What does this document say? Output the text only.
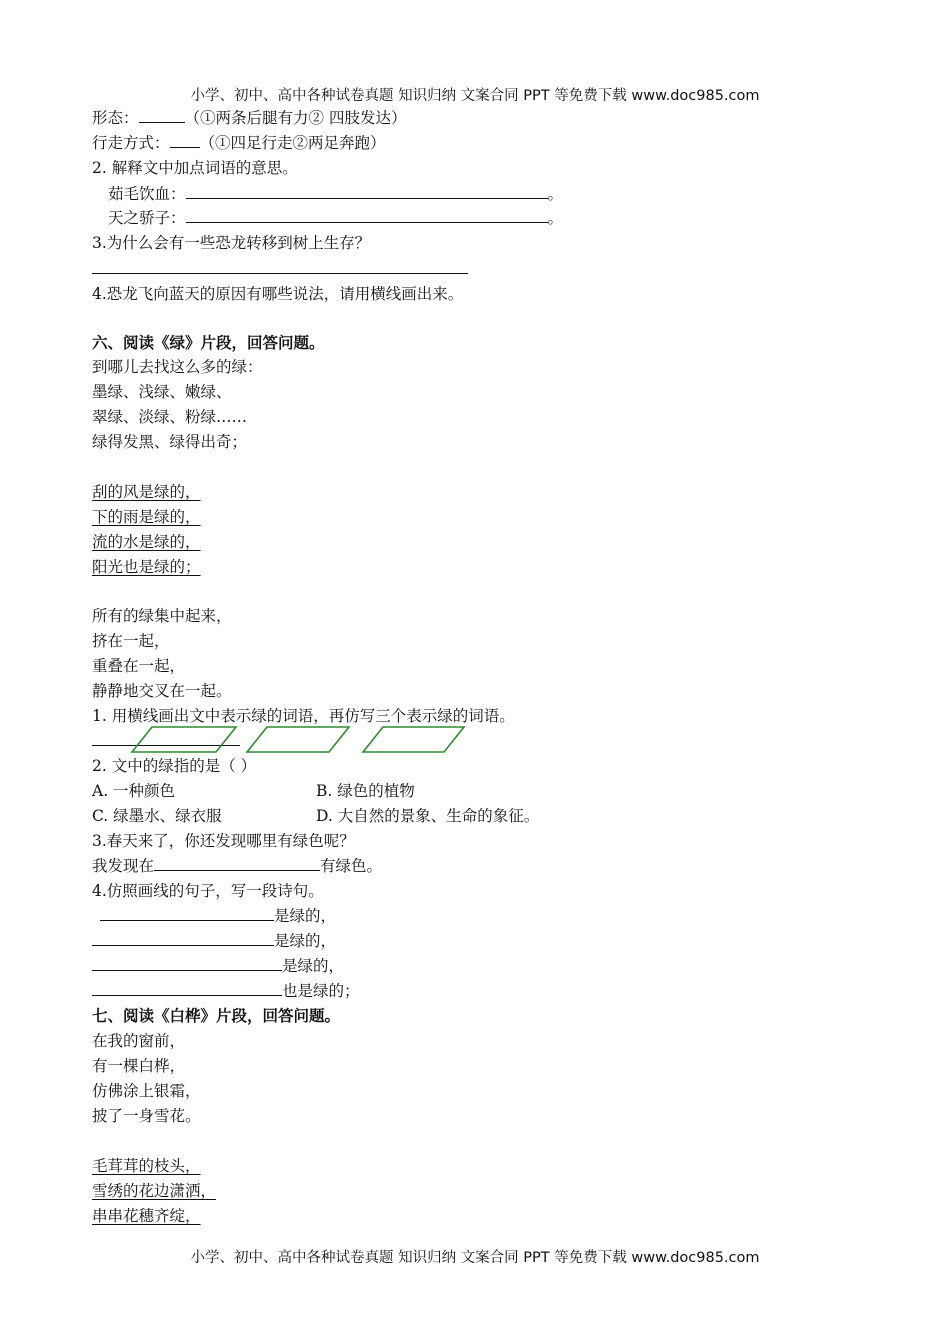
小学、初中、高中各种试卷真题 知识归纳 文案合同 PPT 等免费下载 www.doc985.com
形态：	（①两条后腿有力② 四肢发达）
行走方式： （①四足行走②两足奔跑）
2. 解释文中加点词语的意思。
茹毛饮血：	。
天之骄子：	。
3.为什么会有一些恐龙转移到树上生存？
4.恐龙飞向蓝天的原因有哪些说法，请用横线画出来。
六、阅读《绿》片段，回答问题。
到哪儿去找这么多的绿：
墨绿、浅绿、嫩绿、
翠绿、淡绿、粉绿……
绿得发黑、绿得出奇；
刮的风是绿的，
下的雨是绿的，
流的水是绿的，
阳光也是绿的；
所有的绿集中起来，
挤在一起，
重叠在一起，
静静地交叉在一起。
1. 用横线画出文中表示绿的词语，再仿写三个表示绿的词语。
2. 文中的绿指的是（ ）
A. 一种颜色	B. 绿色的植物
C. 绿墨水、绿衣服	D. 大自然的景象、生命的象征。
3.春天来了，你还发现哪里有绿色呢？
我发现在	有绿色。
4.仿照画线的句子，写一段诗句。
是绿的，
是绿的，
是绿的，
也是绿的；
七、阅读《白桦》片段，回答问题。
在我的窗前，
有一棵白桦，
仿佛涂上银霜，
披了一身雪花。
毛茸茸的枝头，
雪绣的花边潇洒，
串串花穗齐绽，
小学、初中、高中各种试卷真题 知识归纳 文案合同 PPT 等免费下载 www.doc985.com
